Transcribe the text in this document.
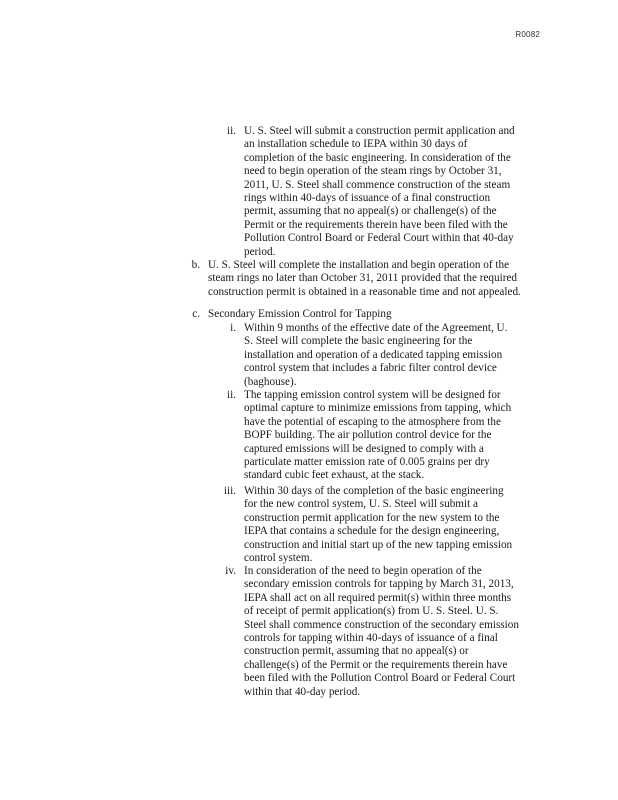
R0082
ii. U. S. Steel will submit a construction permit application and an installation schedule to IEPA within 30 days of completion of the basic engineering. In consideration of the need to begin operation of the steam rings by October 31, 2011, U. S. Steel shall commence construction of the steam rings within 40-days of issuance of a final construction permit, assuming that no appeal(s) or challenge(s) of the Permit or the requirements therein have been filed with the Pollution Control Board or Federal Court within that 40-day period.
b. U. S. Steel will complete the installation and begin operation of the steam rings no later than October 31, 2011 provided that the required construction permit is obtained in a reasonable time and not appealed.
c. Secondary Emission Control for Tapping
i. Within 9 months of the effective date of the Agreement, U. S. Steel will complete the basic engineering for the installation and operation of a dedicated tapping emission control system that includes a fabric filter control device (baghouse).
ii. The tapping emission control system will be designed for optimal capture to minimize emissions from tapping, which have the potential of escaping to the atmosphere from the BOPF building. The air pollution control device for the captured emissions will be designed to comply with a particulate matter emission rate of 0.005 grains per dry standard cubic feet exhaust, at the stack.
iii. Within 30 days of the completion of the basic engineering for the new control system, U. S. Steel will submit a construction permit application for the new system to the IEPA that contains a schedule for the design engineering, construction and initial start up of the new tapping emission control system.
iv. In consideration of the need to begin operation of the secondary emission controls for tapping by March 31, 2013, IEPA shall act on all required permit(s) within three months of receipt of permit application(s) from U. S. Steel. U. S. Steel shall commence construction of the secondary emission controls for tapping within 40-days of issuance of a final construction permit, assuming that no appeal(s) or challenge(s) of the Permit or the requirements therein have been filed with the Pollution Control Board or Federal Court within that 40-day period.
